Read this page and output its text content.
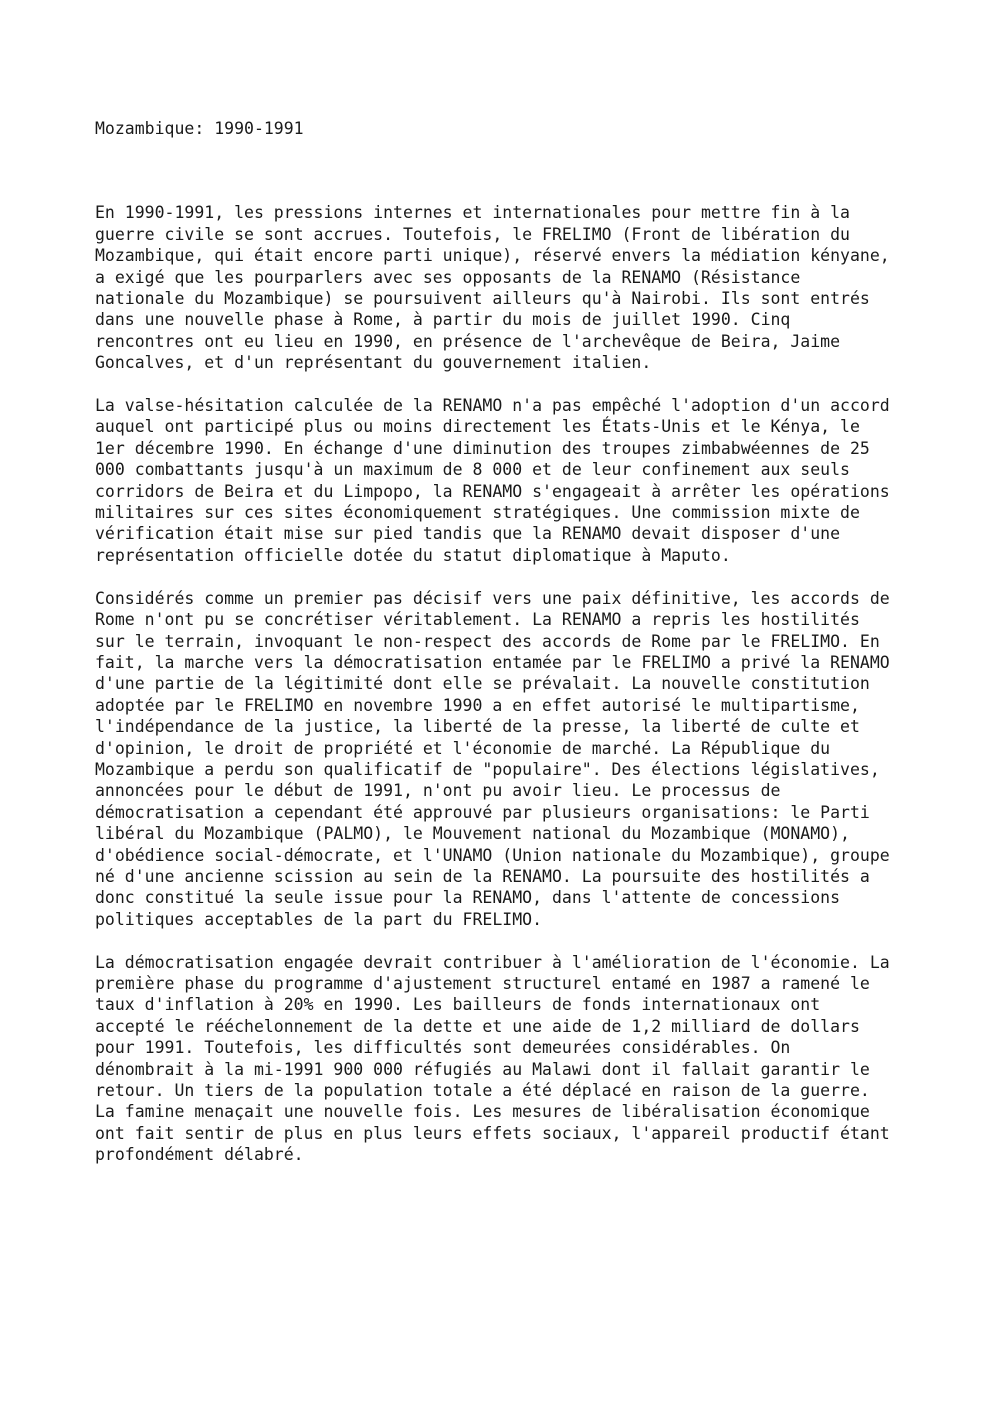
Mozambique: 1990-1991

En 1990-1991, les pressions internes et internationales pour mettre fin à la
guerre civile se sont accrues. Toutefois, le FRELIMO (Front de libération du
Mozambique, qui était encore parti unique), réservé envers la médiation kényane,
a exigé que les pourparlers avec ses opposants de la RENAMO (Résistance
nationale du Mozambique) se poursuivent ailleurs qu'à Nairobi. Ils sont entrés
dans une nouvelle phase à Rome, à partir du mois de juillet 1990. Cinq
rencontres ont eu lieu en 1990, en présence de l'archevêque de Beira, Jaime
Goncalves, et d'un représentant du gouvernement italien.

La valse-hésitation calculée de la RENAMO n'a pas empêché l'adoption d'un accord
auquel ont participé plus ou moins directement les États-Unis et le Kénya, le
1er décembre 1990. En échange d'une diminution des troupes zimbabwéennes de 25
000 combattants jusqu'à un maximum de 8 000 et de leur confinement aux seuls
corridors de Beira et du Limpopo, la RENAMO s'engageait à arrêter les opérations
militaires sur ces sites économiquement stratégiques. Une commission mixte de
vérification était mise sur pied tandis que la RENAMO devait disposer d'une
représentation officielle dotée du statut diplomatique à Maputo.

Considérés comme un premier pas décisif vers une paix définitive, les accords de
Rome n'ont pu se concrétiser véritablement. La RENAMO a repris les hostilités
sur le terrain, invoquant le non-respect des accords de Rome par le FRELIMO. En
fait, la marche vers la démocratisation entamée par le FRELIMO a privé la RENAMO
d'une partie de la légitimité dont elle se prévalait. La nouvelle constitution
adoptée par le FRELIMO en novembre 1990 a en effet autorisé le multipartisme,
l'indépendance de la justice, la liberté de la presse, la liberté de culte et
d'opinion, le droit de propriété et l'économie de marché. La République du
Mozambique a perdu son qualificatif de "populaire". Des élections législatives,
annoncées pour le début de 1991, n'ont pu avoir lieu. Le processus de
démocratisation a cependant été approuvé par plusieurs organisations: le Parti
libéral du Mozambique (PALMO), le Mouvement national du Mozambique (MONAMO),
d'obédience social-démocrate, et l'UNAMO (Union nationale du Mozambique), groupe
né d'une ancienne scission au sein de la RENAMO. La poursuite des hostilités a
donc constitué la seule issue pour la RENAMO, dans l'attente de concessions
politiques acceptables de la part du FRELIMO.

La démocratisation engagée devrait contribuer à l'amélioration de l'économie. La
première phase du programme d'ajustement structurel entamé en 1987 a ramené le
taux d'inflation à 20% en 1990. Les bailleurs de fonds internationaux ont
accepté le rééchelonnement de la dette et une aide de 1,2 milliard de dollars
pour 1991. Toutefois, les difficultés sont demeurées considérables. On
dénombrait à la mi-1991 900 000 réfugiés au Malawi dont il fallait garantir le
retour. Un tiers de la population totale a été déplacé en raison de la guerre.
La famine menaçait une nouvelle fois. Les mesures de libéralisation économique
ont fait sentir de plus en plus leurs effets sociaux, l'appareil productif étant
profondément délabré.
